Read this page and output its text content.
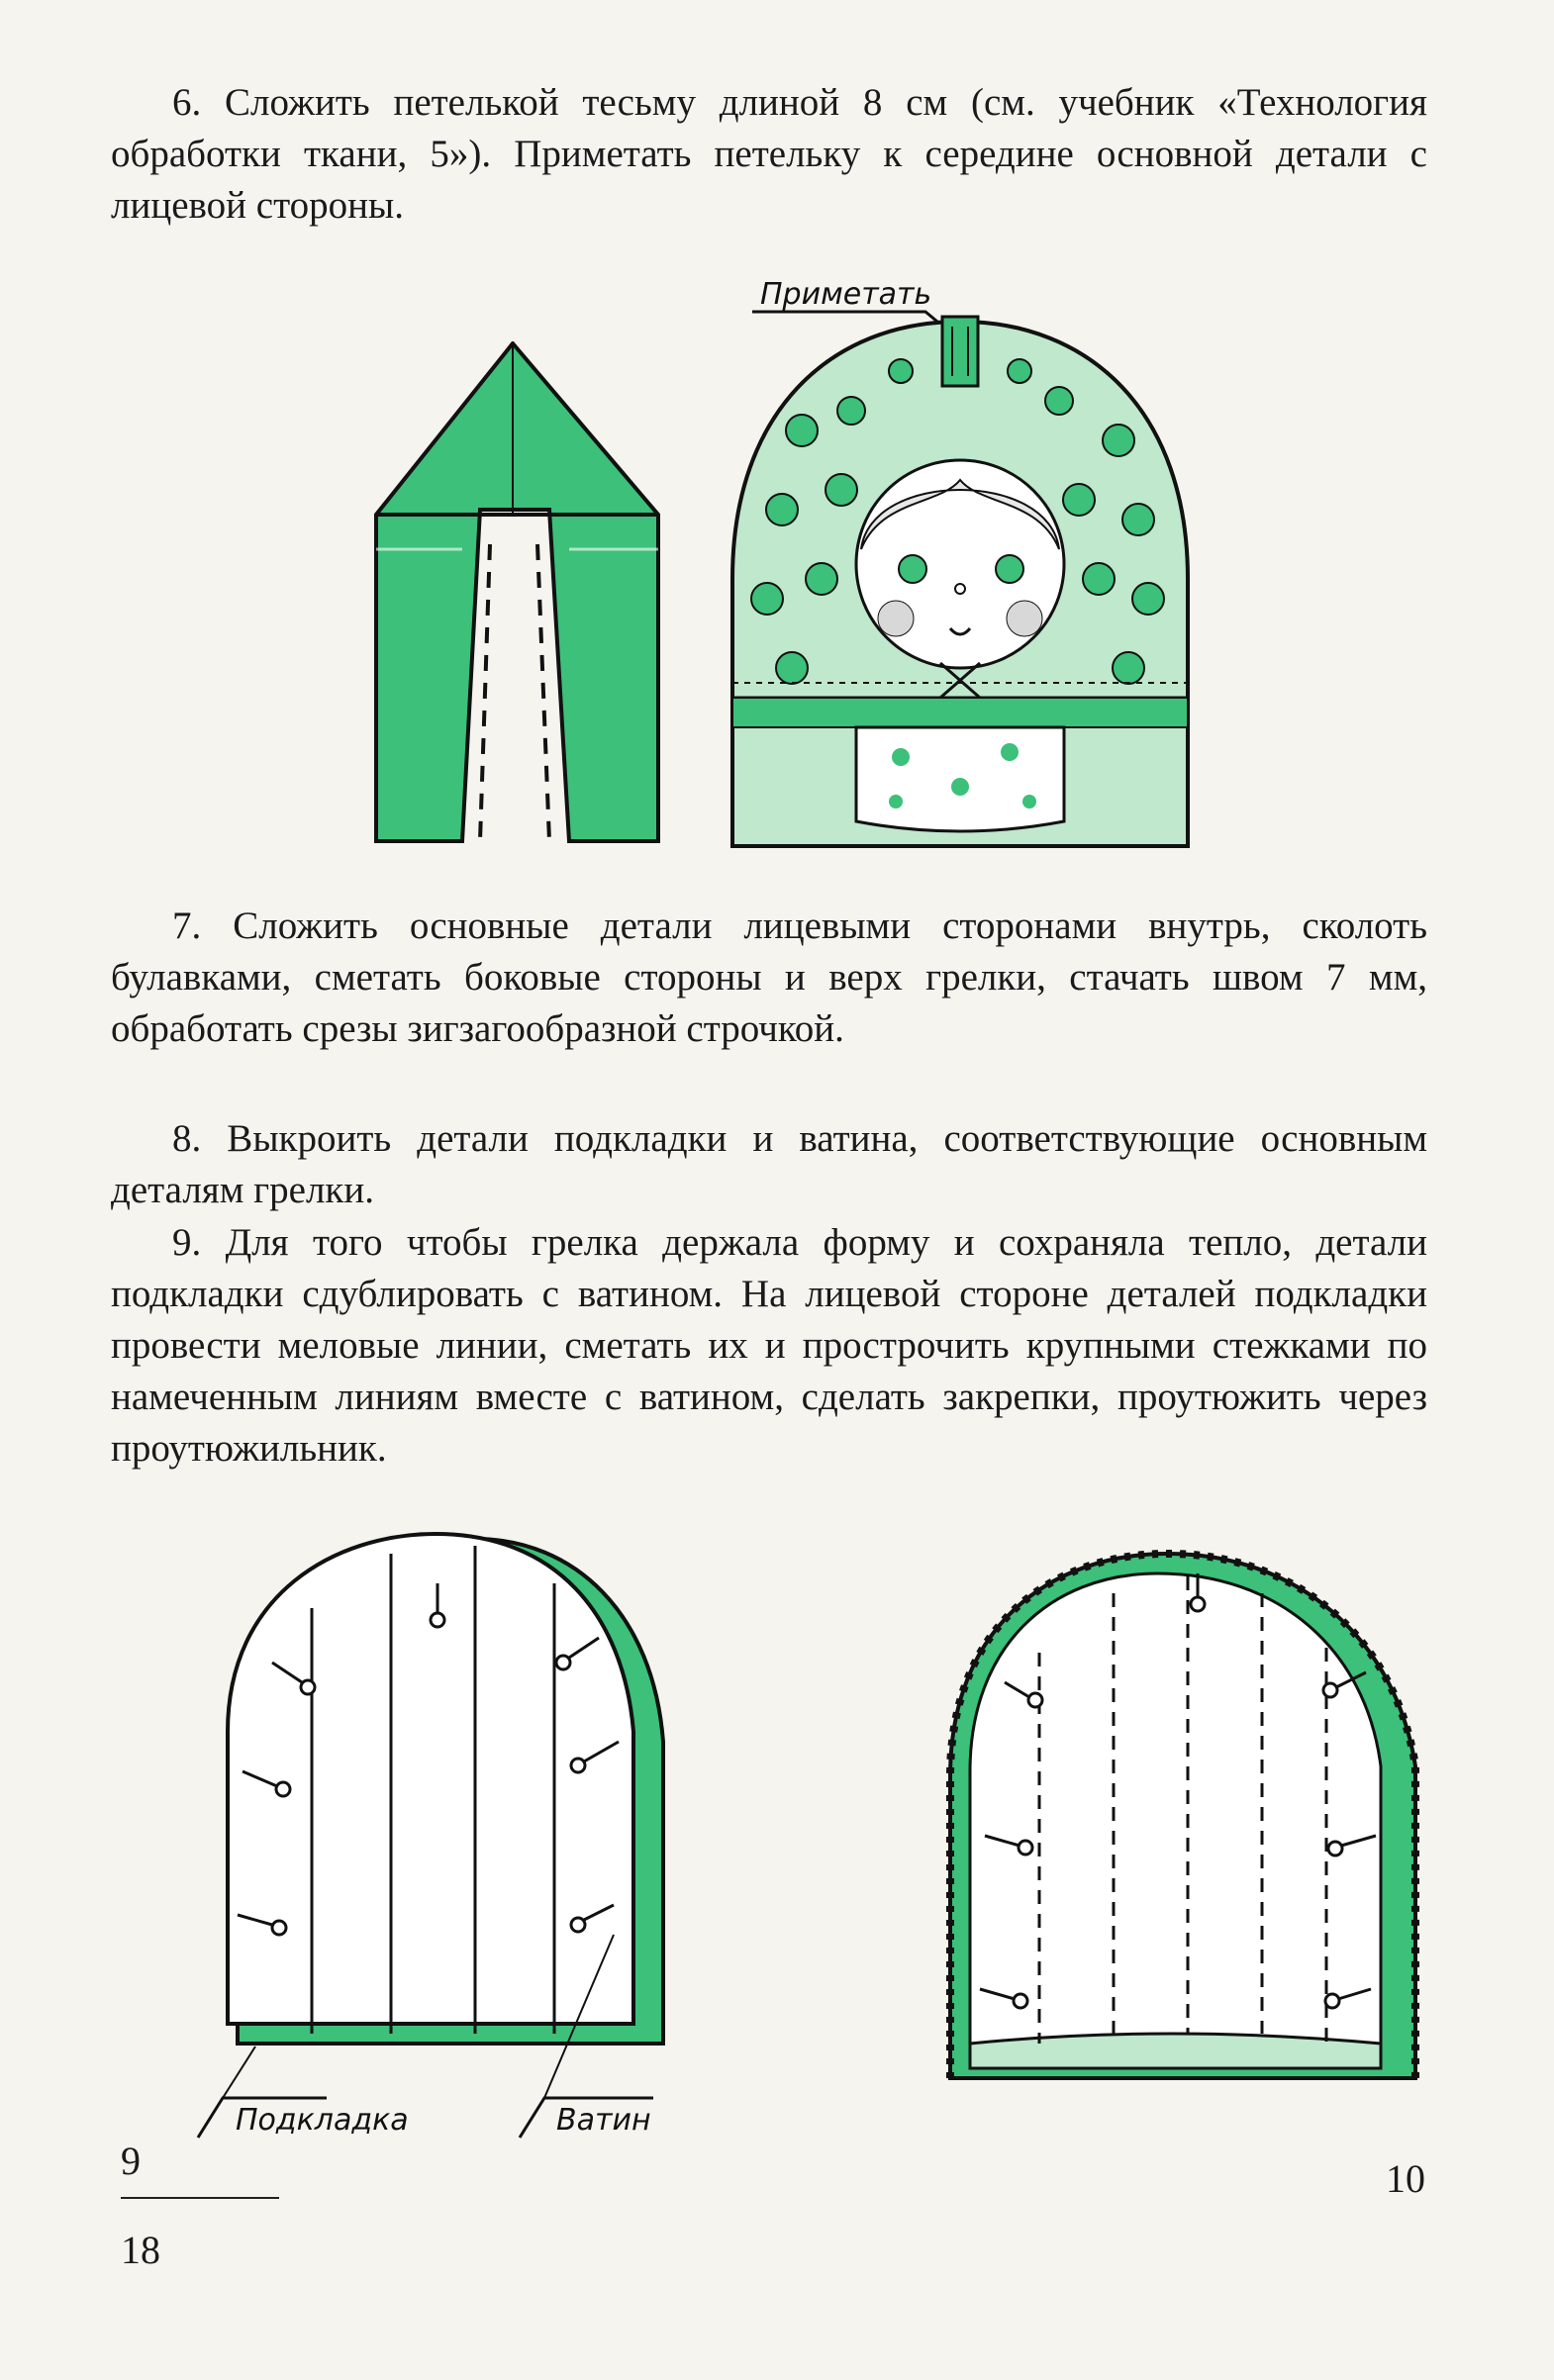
6. Сложить петелькой тесьму длиной 8 см (см. учебник «Технология обработки ткани, 5»). Приметать петельку к середине основной детали с лицевой стороны.

Приметать

7. Сложить основные детали лицевыми сторонами внутрь, сколоть булавками, сметать боковые стороны и верх грелки, стачать швом 7 мм, обработать срезы зигзагообразной строчкой.

8. Выкроить детали подкладки и ватина, соответствующие основным деталям грелки.

9. Для того чтобы грелка держала форму и сохраняла тепло, детали подкладки сдублировать с ватином. На лицевой стороне деталей подкладки провести меловые линии, сметать их и прострочить крупными стежками по намеченным линиям вместе с ватином, сделать закрепки, проутюжить через проутюжильник.

Подкладка	Ватин
9	10
18
